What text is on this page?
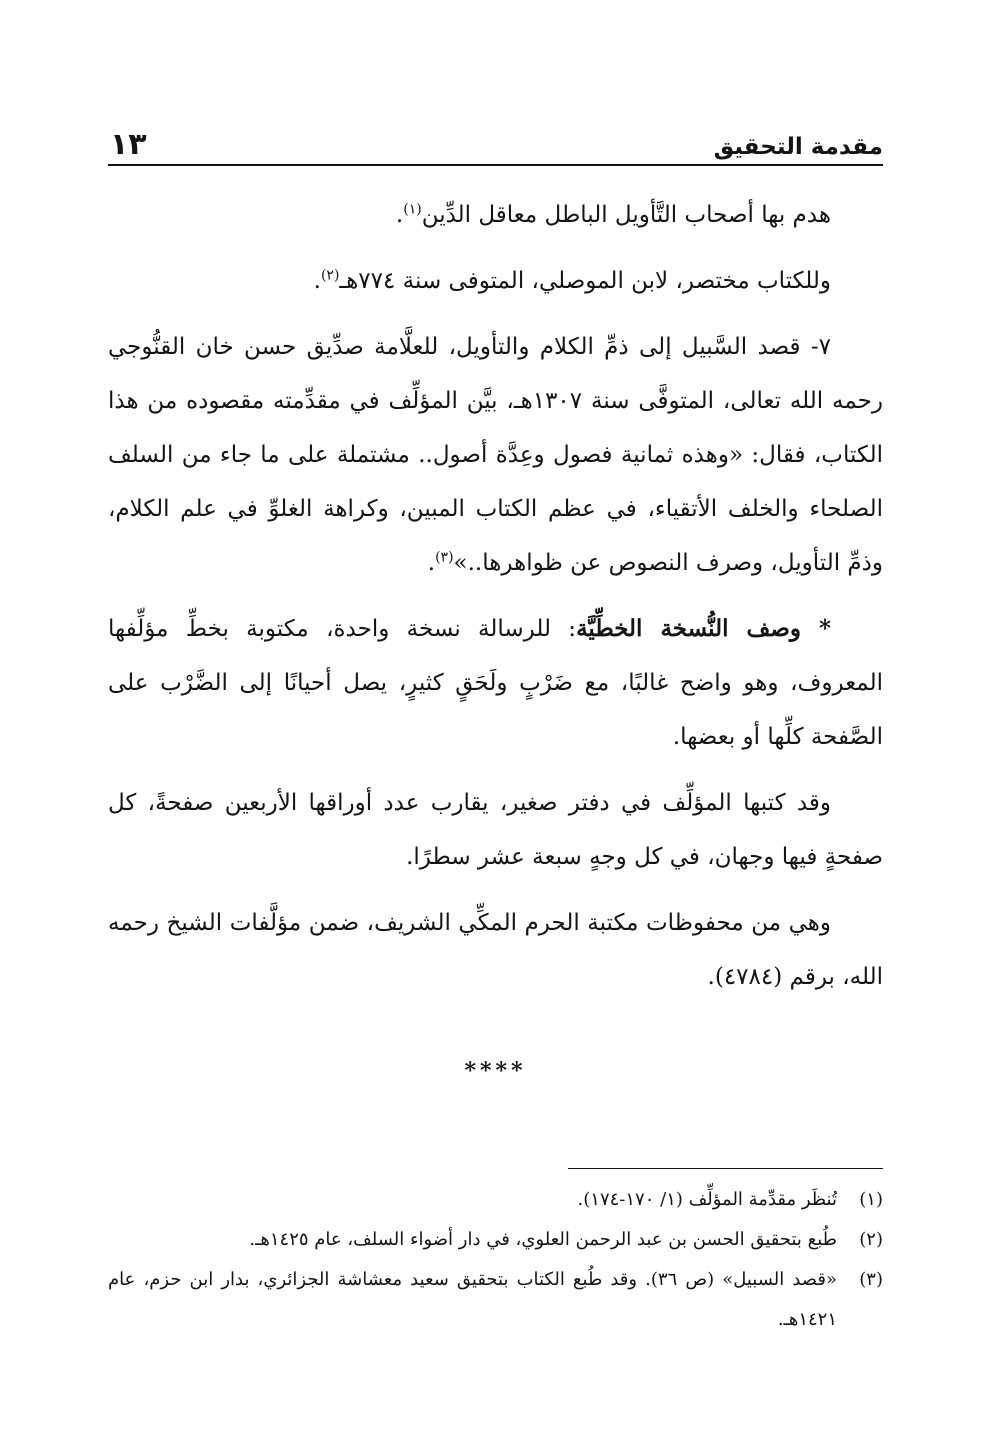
مقدمة التحقيق
١٣

هدم بها أصحاب التَّأويل الباطل معاقل الدِّين$^{(١)}$.

وللكتاب مختصر، لابن الموصلي، المتوفى سنة ٧٧٤هـ$^{(٢)}$.

٧- قصد السَّبيل إلى ذمِّ الكلام والتأويل، للعلَّامة صدِّيق حسن خان القنُّوجي رحمه الله تعالى، المتوفَّى سنة ١٣٠٧هـ، بيَّن المؤلِّف في مقدِّمته مقصوده من هذا الكتاب، فقال: «وهذه ثمانية فصول وعِدَّة أصول.. مشتملة على ما جاء من السلف الصلحاء والخلف الأتقياء، في عظم الكتاب المبين، وكراهة الغلوِّ في علم الكلام، وذمِّ التأويل، وصرف النصوص عن ظواهرها..»$^{(٣)}$.

* وصف النُّسخة الخطِّيَّة: للرسالة نسخة واحدة، مكتوبة بخطِّ مؤلِّفها المعروف، وهو واضح غالبًا، مع ضَرْبٍ ولَحَقٍ كثيرٍ، يصل أحيانًا إلى الضَّرْب على الصَّفحة كلِّها أو بعضها.

وقد كتبها المؤلِّف في دفتر صغير، يقارب عدد أوراقها الأربعين صفحةً، كل صفحةٍ فيها وجهان، في كل وجهٍ سبعة عشر سطرًا.

وهي من محفوظات مكتبة الحرم المكِّي الشريف، ضمن مؤلَّفات الشيخ رحمه الله، برقم (٤٧٨٤).

****
(١)
تُنظَر مقدِّمة المؤلِّف (١/ ١٧٠-١٧٤).
(٢)
طُبع بتحقيق الحسن بن عبد الرحمن العلوي، في دار أضواء السلف، عام ١٤٢٥هـ.
(٣)
«قصد السبيل» (ص ٣٦). وقد طُبع الكتاب بتحقيق سعيد معشاشة الجزائري، بدار ابن حزم، عام ١٤٢١هـ.
